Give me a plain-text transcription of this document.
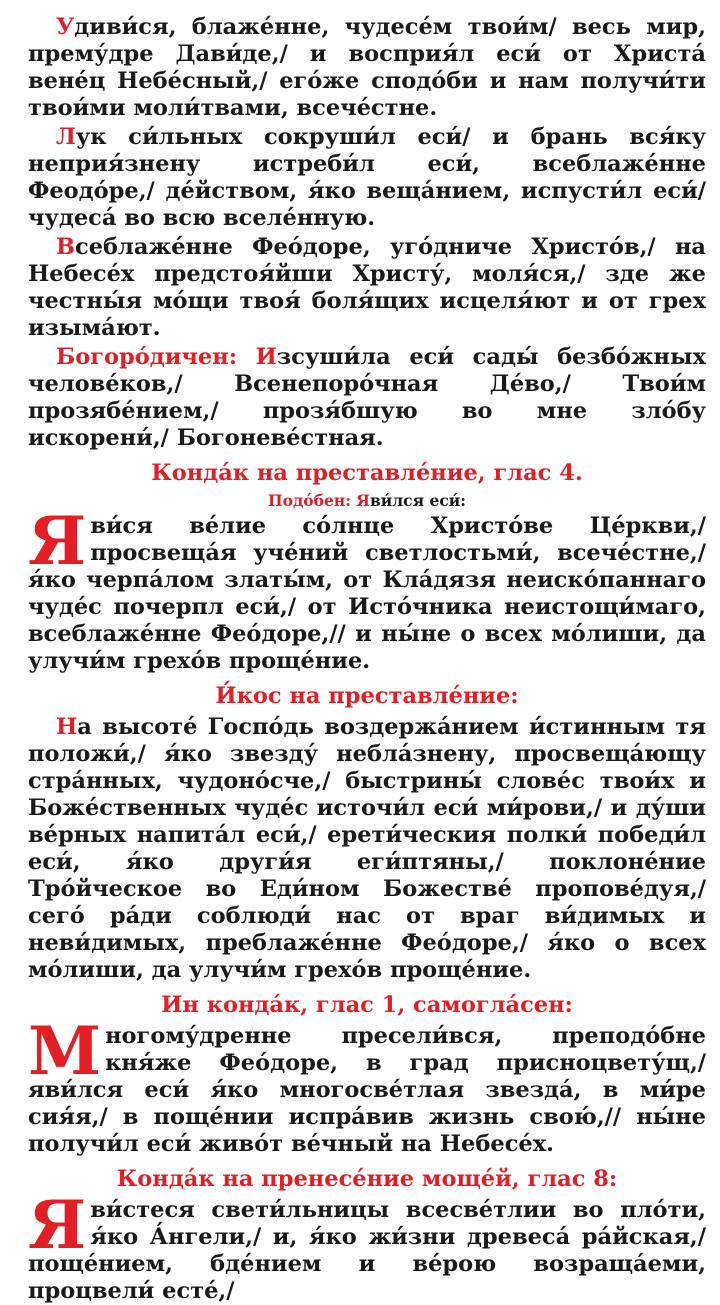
Удиви́ся, блаже́нне, чудесе́м твои́м/ весь мир, прему́дре Дави́де,/ и восприя́л еси́ от Христа́ вене́ц Небе́сный,/ его́же сподо́би и нам получи́ти твои́ми моли́твами, всече́стне.

Лук си́льных сокруши́л еси́/ и брань вся́ку неприя́знену истреби́л еси́, всеблаже́нне Феодо́ре,/ де́йством, я́ко веща́нием, испусти́л еси́/ чудеса́ во всю вселе́нную.

Всеблаже́нне Фео́доре, уго́дниче Христо́в,/ на Небесе́х предстоя́йши Христу́, моля́ся,/ зде же честны́я мо́щи твоя́ боля́щих исцеля́ют и от грех изыма́ют.

Богоро́дичен: Изсуши́ла еси́ сады́ безбо́жных челове́ков,/ Всенепоро́чная Де́во,/ Твои́м прозябе́нием,/ прозя́бшую во мне зло́бу искорени́,/ Богоневе́стная.

Конда́к на преставле́ние, глас 4.
Подо́бен: Яви́лся еси́:

Яви́ся ве́лие со́лнце Христо́ве Це́ркви,/ просвеща́я уче́ний светлостьми́, всече́стне,/ я́ко черпа́лом златы́м, от Кла́дязя неиско́паннаго чуде́с почерпл еси́,/ от Исто́чника неистощи́маго, всеблаже́нне Фео́доре,// и ны́не о всех мо́лиши, да улучи́м грехо́в проще́ние.

И́кос на преставле́ние:

На высоте́ Госпо́дь воздержа́нием и́стинным тя положи́,/ я́ко звезду́ небла́знену, просвеща́ющу стра́нных, чудоно́сче,/ быстрины́ слове́с твои́х и Боже́ственных чуде́с источи́л еси́ ми́рови,/ и ду́ши ве́рных напита́л еси́,/ ерети́ческия полки́ победи́л еси́, я́ко други́я еги́птяны,/ поклоне́ние Тро́йческое во Еди́ном Божестве́ пропове́дуя,/ сего́ ра́ди соблюди́ нас от враг ви́димых и неви́димых, преблаже́нне Фео́доре,/ я́ко о всех мо́лиши, да улучи́м грехо́в проще́ние.

Ин конда́к, глас 1, самогла́сен:

Многому́дренне пресели́вся, преподо́бне кня́же Фео́доре, в град присноцвету́щ,/ яви́лся еси́ я́ко многосве́тлая звезда́, в ми́ре сия́я,/ в поще́нии испра́вив жизнь свою́,// ны́не получи́л еси́ живо́т ве́чный на Небесе́х.

Конда́к на пренесе́ние моще́й, глас 8:

Яви́стеся свети́льницы всесве́тлии во пло́ти, я́ко А́нгели,/ и, я́ко жи́зни древеса́ ра́йская,/ поще́нием, бде́нием и ве́рою возраща́еми, процвели́ есте́,/
